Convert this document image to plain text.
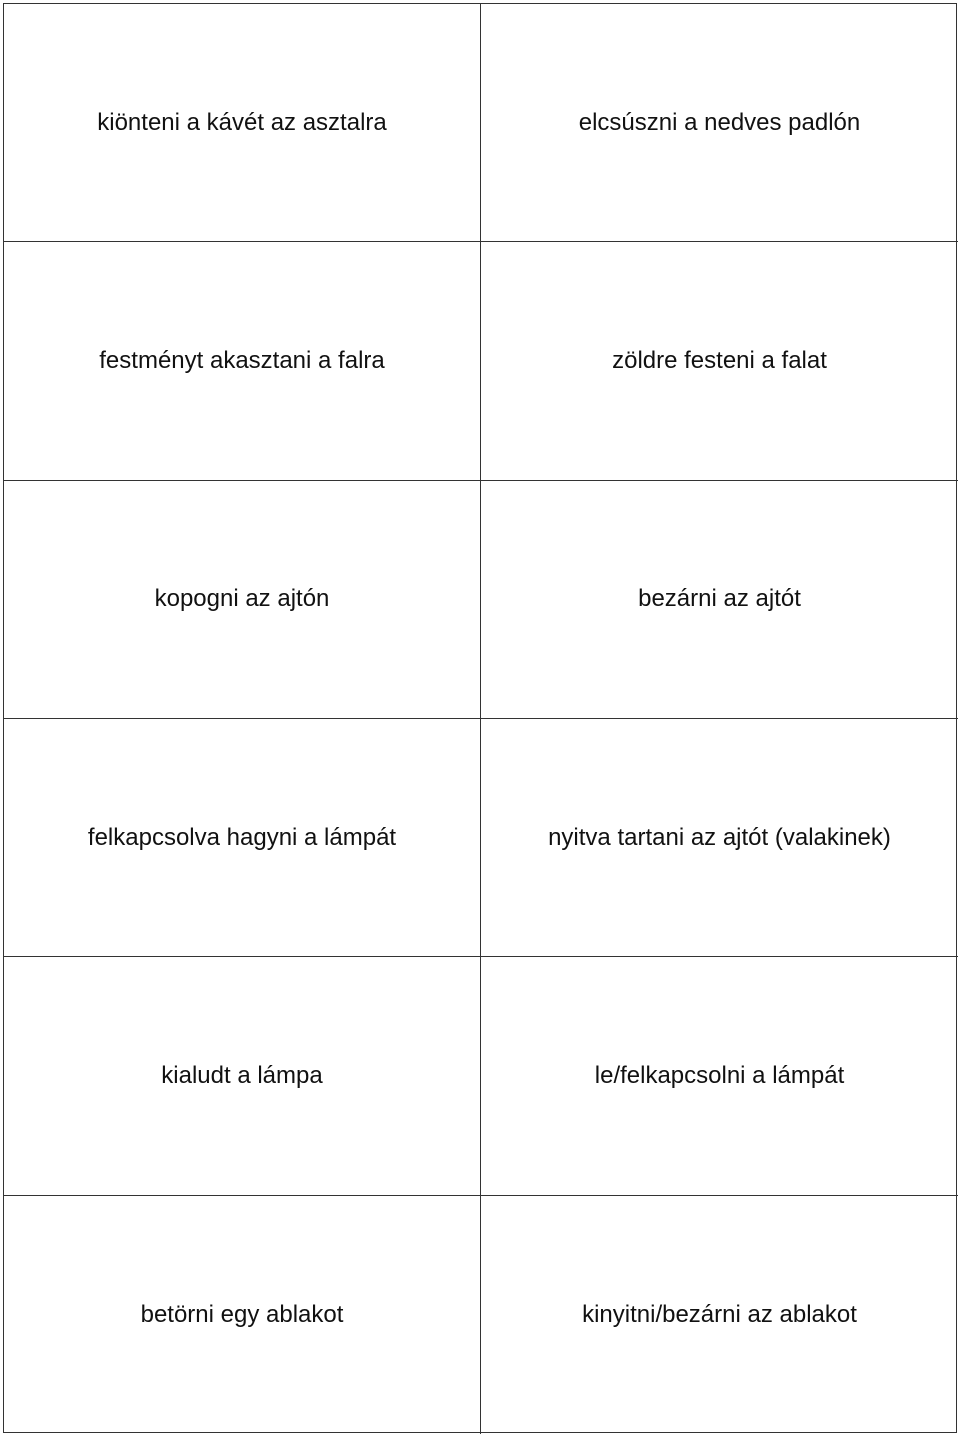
kiönteni a kávét az asztalra	elcsúszni a nedves padlón
festményt akasztani a falra	zöldre festeni a falat
kopogni az ajtón	bezárni az ajtót
felkapcsolva hagyni a lámpát	nyitva tartani az ajtót (valakinek)
kialudt a lámpa	le/felkapcsolni a lámpát
betörni egy ablakot	kinyitni/bezárni az ablakot
